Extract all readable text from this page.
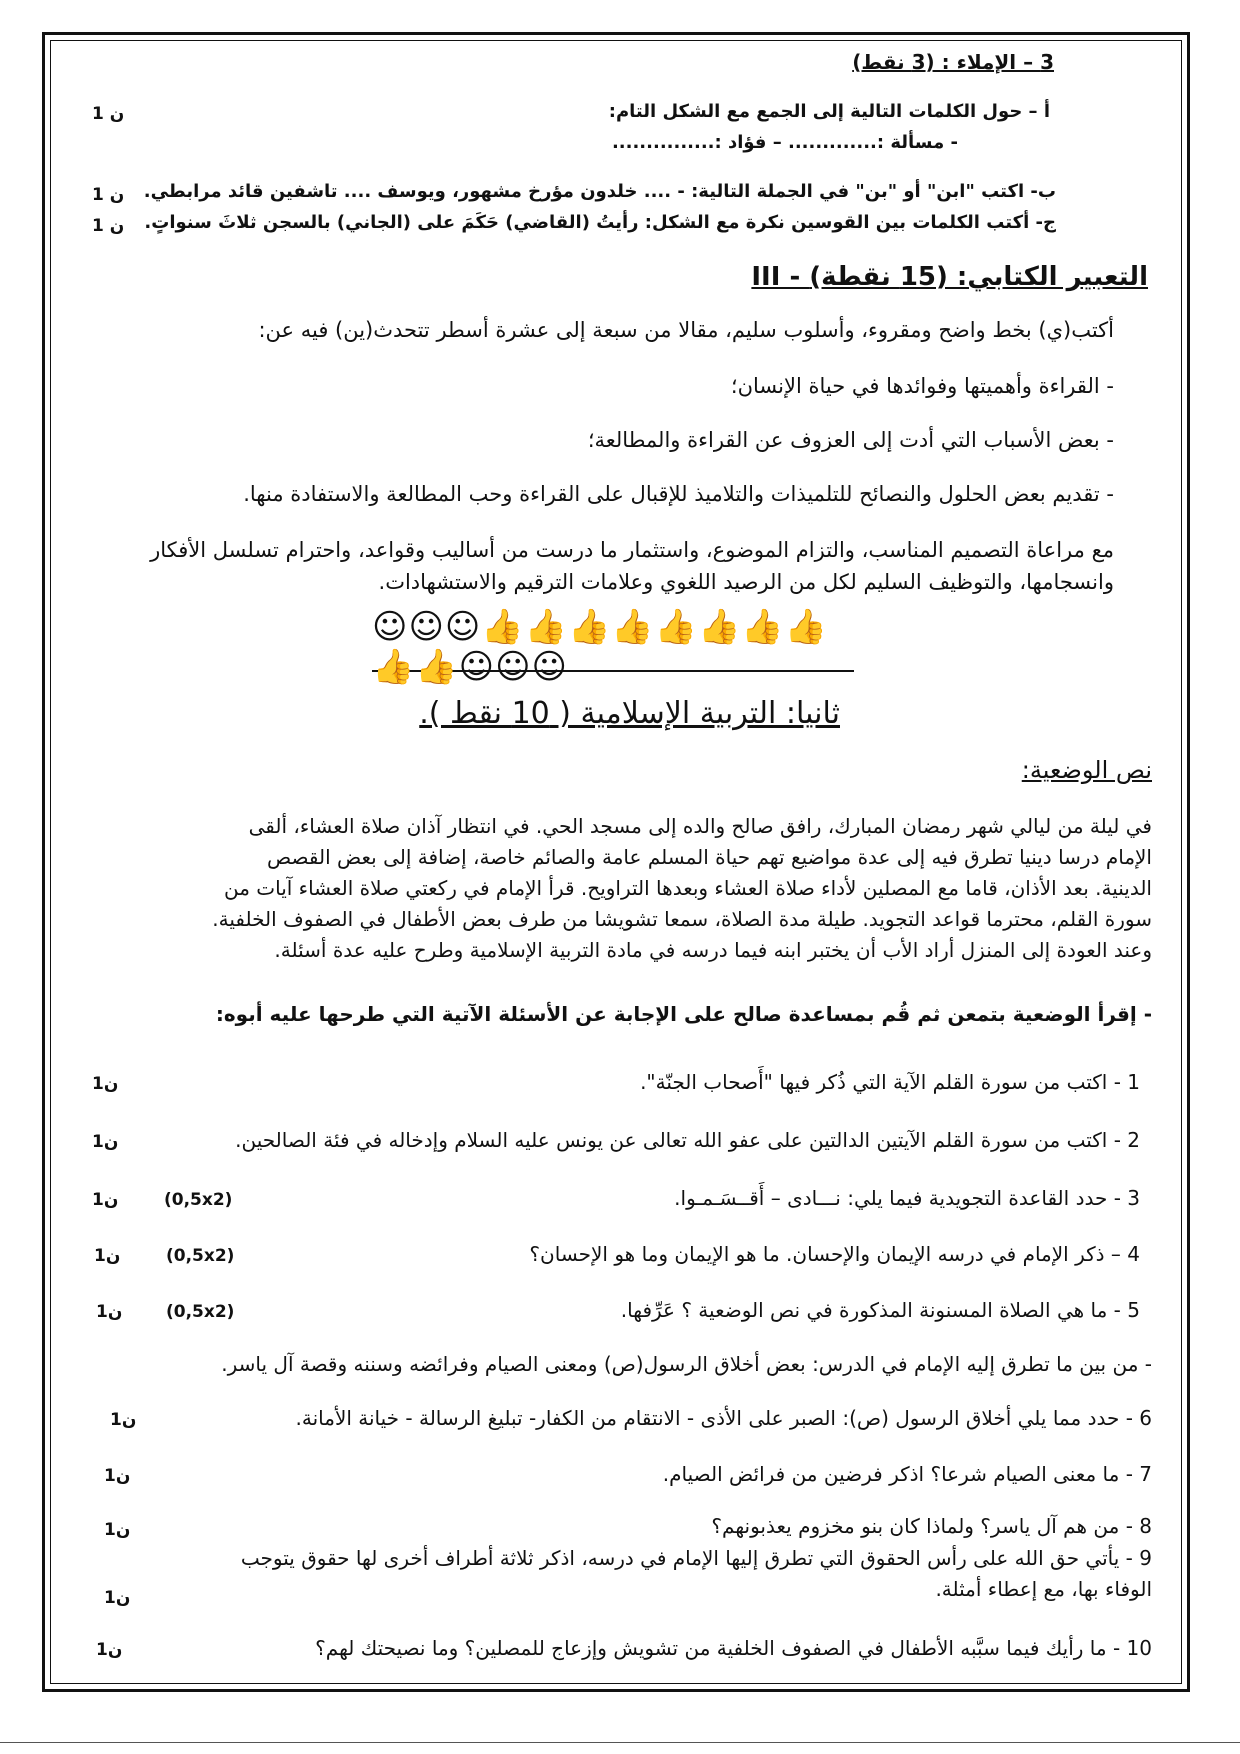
3 – الإملاء : (3 نقط)
أ – حول الكلمات التالية إلى الجمع مع الشكل التام:
1 ن
- مسألة :............. – فؤاد :...............
ب- اكتب "ابن" أو "بن" في الجملة التالية: - .... خلدون مؤرخ مشهور، ويوسف .... تاشفين قائد مرابطي.
1 ن
ج- أكتب الكلمات بين القوسين نكرة مع الشكل: رأيتُ (القاضي) حَكَمَ على (الجاني) بالسجن ثلاثَ سنواتٍ.
1 ن
III - التعبير الكتابي: (15 نقطة)
أكتب(ي) بخط واضح ومقروء، وأسلوب سليم، مقالا من سبعة إلى عشرة أسطر تتحدث(ين) فيه عن:
- القراءة وأهميتها وفوائدها في حياة الإنسان؛
- بعض الأسباب التي أدت إلى العزوف عن القراءة والمطالعة؛
- تقديم بعض الحلول والنصائح للتلميذات والتلاميذ للإقبال على القراءة وحب المطالعة والاستفادة منها.
مع مراعاة التصميم المناسب، والتزام الموضوع، واستثمار ما درست من أساليب وقواعد، واحترام تسلسل الأفكار
وانسجامها، والتوظيف السليم لكل من الرصيد اللغوي وعلامات الترقيم والاستشهادات.
☺☺☺👍👍👍👍👍👍👍👍👍👍☺☺☺
ثانيا: التربية الإسلامية ( 10 نقط ).
نص الوضعية:
في ليلة من ليالي شهر رمضان المبارك، رافق صالح والده إلى مسجد الحي. في انتظار آذان صلاة العشاء، ألقى
الإمام درسا دينيا تطرق فيه إلى عدة مواضيع تهم حياة المسلم عامة والصائم خاصة، إضافة إلى بعض القصص
الدينية. بعد الأذان، قاما مع المصلين لأداء صلاة العشاء وبعدها التراويح. قرأ الإمام في ركعتي صلاة العشاء آيات من
سورة القلم، محترما قواعد التجويد. طيلة مدة الصلاة، سمعا تشويشا من طرف بعض الأطفال في الصفوف الخلفية.
وعند العودة إلى المنزل أراد الأب أن يختبر ابنه فيما درسه في مادة التربية الإسلامية وطرح عليه عدة أسئلة.
- إقرأ الوضعية بتمعن ثم قُم بمساعدة صالح على الإجابة عن الأسئلة الآتية التي طرحها عليه أبوه:
1 - اكتب من سورة القلم الآية التي ذُكر فيها "أَصحاب الجنّة".
1ن
2 - اكتب من سورة القلم الآيتين الدالتين على عفو الله تعالى عن يونس عليه السلام وإدخاله في فئة الصالحين.
1ن
3 - حدد القاعدة التجويدية فيما يلي: نـــادى – أَقــسَـمـوا.
(0,5x2)
1ن
4 – ذكر الإمام في درسه الإيمان والإحسان. ما هو الإيمان وما هو الإحسان؟
(0,5x2)
1ن
5 - ما هي الصلاة المسنونة المذكورة في نص الوضعية ؟ عَرِّفها.
(0,5x2)
1ن
- من بين ما تطرق إليه الإمام في الدرس: بعض أخلاق الرسول(ص) ومعنى الصيام وفرائضه وسننه وقصة آل ياسر.
6 - حدد مما يلي أخلاق الرسول (ص): الصبر على الأذى - الانتقام من الكفار- تبليغ الرسالة - خيانة الأمانة.
1ن
7 - ما معنى الصيام شرعا؟ اذكر فرضين من فرائض الصيام.
1ن
8 - من هم آل ياسر؟ ولماذا كان بنو مخزوم يعذبونهم؟
1ن
9 - يأتي حق الله على رأس الحقوق التي تطرق إليها الإمام في درسه، اذكر ثلاثة أطراف أخرى لها حقوق يتوجب
الوفاء بها، مع إعطاء أمثلة.
1ن
10 - ما رأيك فيما سبَّبه الأطفال في الصفوف الخلفية من تشويش وإزعاج للمصلين؟ وما نصيحتك لهم؟
1ن
